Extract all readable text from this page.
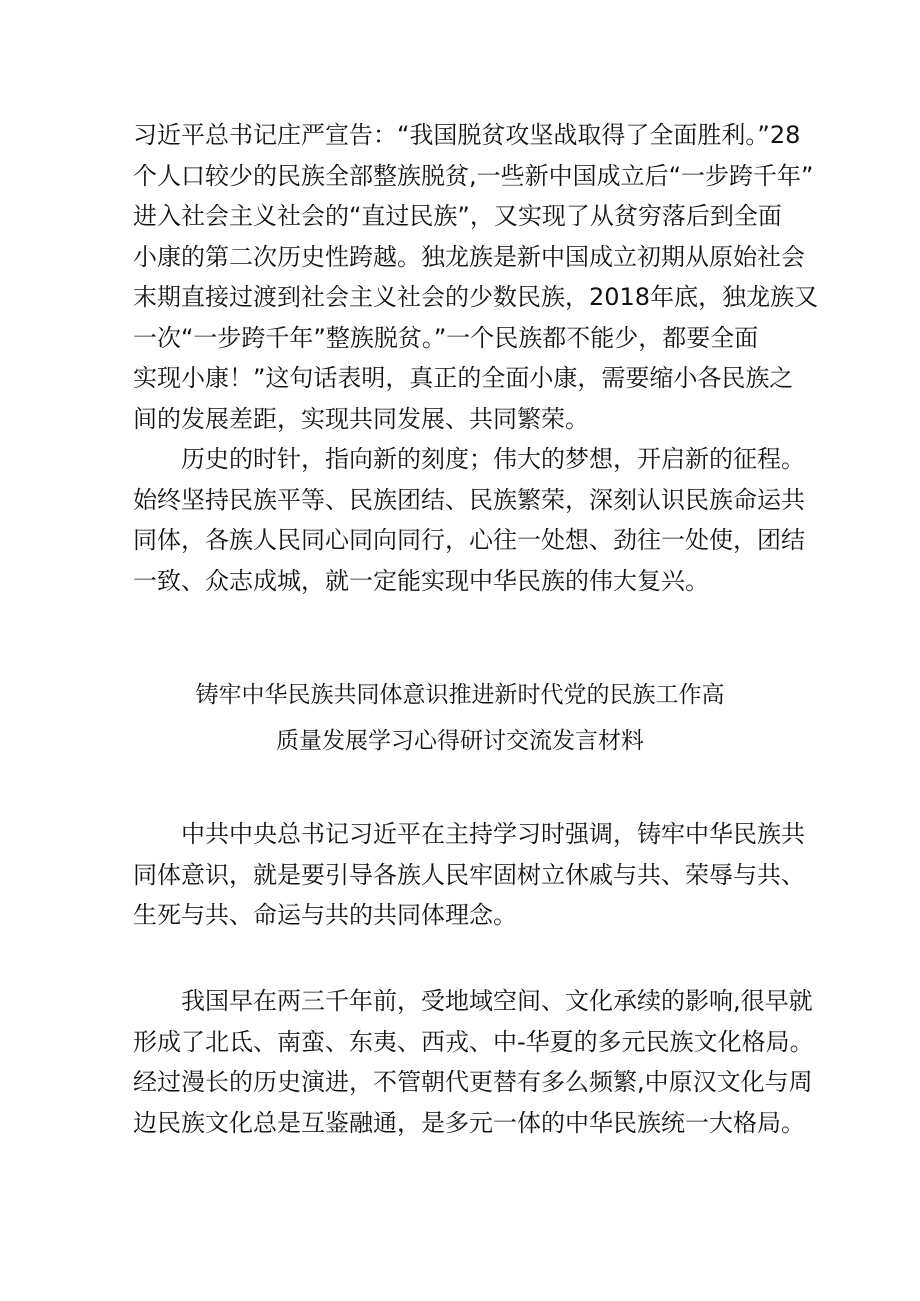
习近平总书记庄严宣告：“我国脱贫攻坚战取得了全面胜利。”28
个人口较少的民族全部整族脱贫,一些新中国成立后“一步跨千年”
进入社会主义社会的“直过民族”，又实现了从贫穷落后到全面
小康的第二次历史性跨越。独龙族是新中国成立初期从原始社会
末期直接过渡到社会主义社会的少数民族，2018年底，独龙族又
一次“一步跨千年”整族脱贫。”一个民族都不能少，都要全面
实现小康！”这句话表明，真正的全面小康，需要缩小各民族之
间的发展差距，实现共同发展、共同繁荣。
历史的时针，指向新的刻度；伟大的梦想，开启新的征程。
始终坚持民族平等、民族团结、民族繁荣，深刻认识民族命运共
同体，各族人民同心同向同行，心往一处想、劲往一处使，团结
一致、众志成城，就一定能实现中华民族的伟大复兴。
铸牢中华民族共同体意识推进新时代党的民族工作高
质量发展学习心得研讨交流发言材料
中共中央总书记习近平在主持学习时强调，铸牢中华民族共
同体意识，就是要引导各族人民牢固树立休戚与共、荣辱与共、
生死与共、命运与共的共同体理念。
我国早在两三千年前，受地域空间、文化承续的影响,很早就
形成了北氐、南蛮、东夷、西戎、中-华夏的多元民族文化格局。
经过漫长的历史演进，不管朝代更替有多么频繁,中原汉文化与周
边民族文化总是互鉴融通，是多元一体的中华民族统一大格局。
